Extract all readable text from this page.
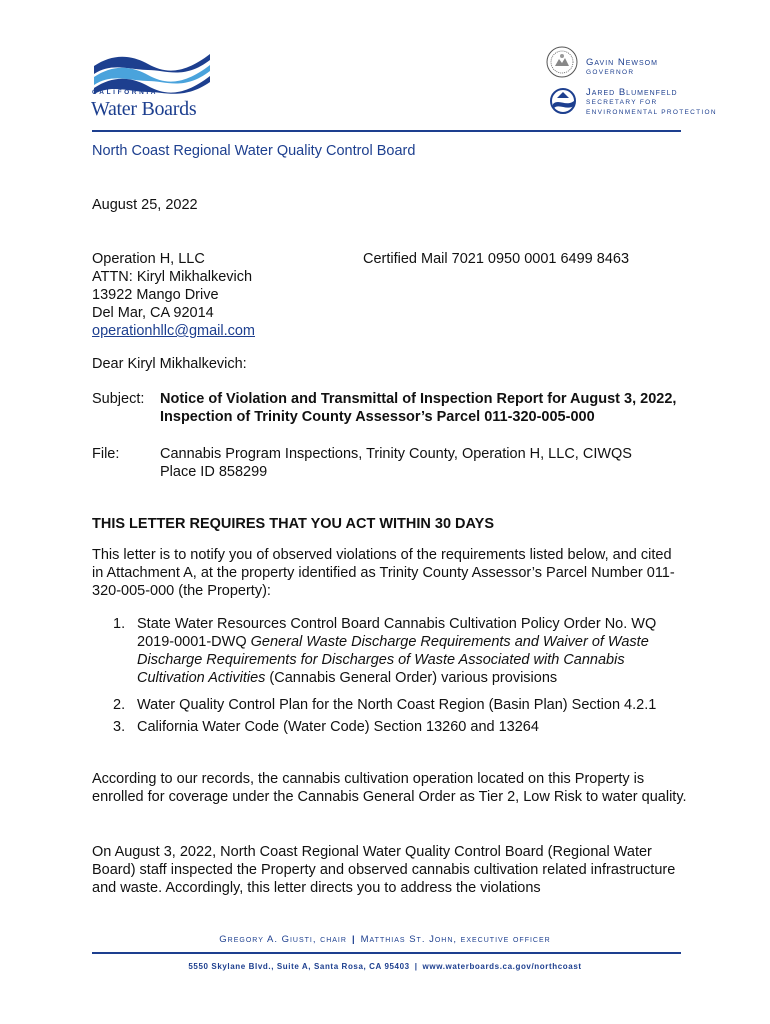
CALIFORNIA
Water Boards
Gavin Newsom
GOVERNOR
Jared Blumenfeld
SECRETARY FOR
ENVIRONMENTAL PROTECTION
North Coast Regional Water Quality Control Board
August 25, 2022
Operation H, LLC
ATTN: Kiryl Mikhalkevich
13922 Mango Drive
Del Mar, CA 92014
operationhllc@gmail.com
Certified Mail 7021 0950 0001 6499 8463
Dear Kiryl Mikhalkevich:
Subject: Notice of Violation and Transmittal of Inspection Report for August 3, 2022, Inspection of Trinity County Assessor’s Parcel 011-320-005-000
File:	Cannabis Program Inspections, Trinity County, Operation H, LLC, CIWQS Place ID 858299
THIS LETTER REQUIRES THAT YOU ACT WITHIN 30 DAYS
This letter is to notify you of observed violations of the requirements listed below, and cited in Attachment A, at the property identified as Trinity County Assessor’s Parcel Number 011-320-005-000 (the Property):
1. State Water Resources Control Board Cannabis Cultivation Policy Order No. WQ 2019-0001-DWQ General Waste Discharge Requirements and Waiver of Waste Discharge Requirements for Discharges of Waste Associated with Cannabis Cultivation Activities (Cannabis General Order) various provisions
2. Water Quality Control Plan for the North Coast Region (Basin Plan) Section 4.2.1
3. California Water Code (Water Code) Section 13260 and 13264
According to our records, the cannabis cultivation operation located on this Property is enrolled for coverage under the Cannabis General Order as Tier 2, Low Risk to water quality.
On August 3, 2022, North Coast Regional Water Quality Control Board (Regional Water Board) staff inspected the Property and observed cannabis cultivation related infrastructure and waste. Accordingly, this letter directs you to address the violations
Gregory A. Giusti, chair | Matthias St. John, executive officer
5550 Skylane Blvd., Suite A, Santa Rosa, CA 95403 | www.waterboards.ca.gov/northcoast
